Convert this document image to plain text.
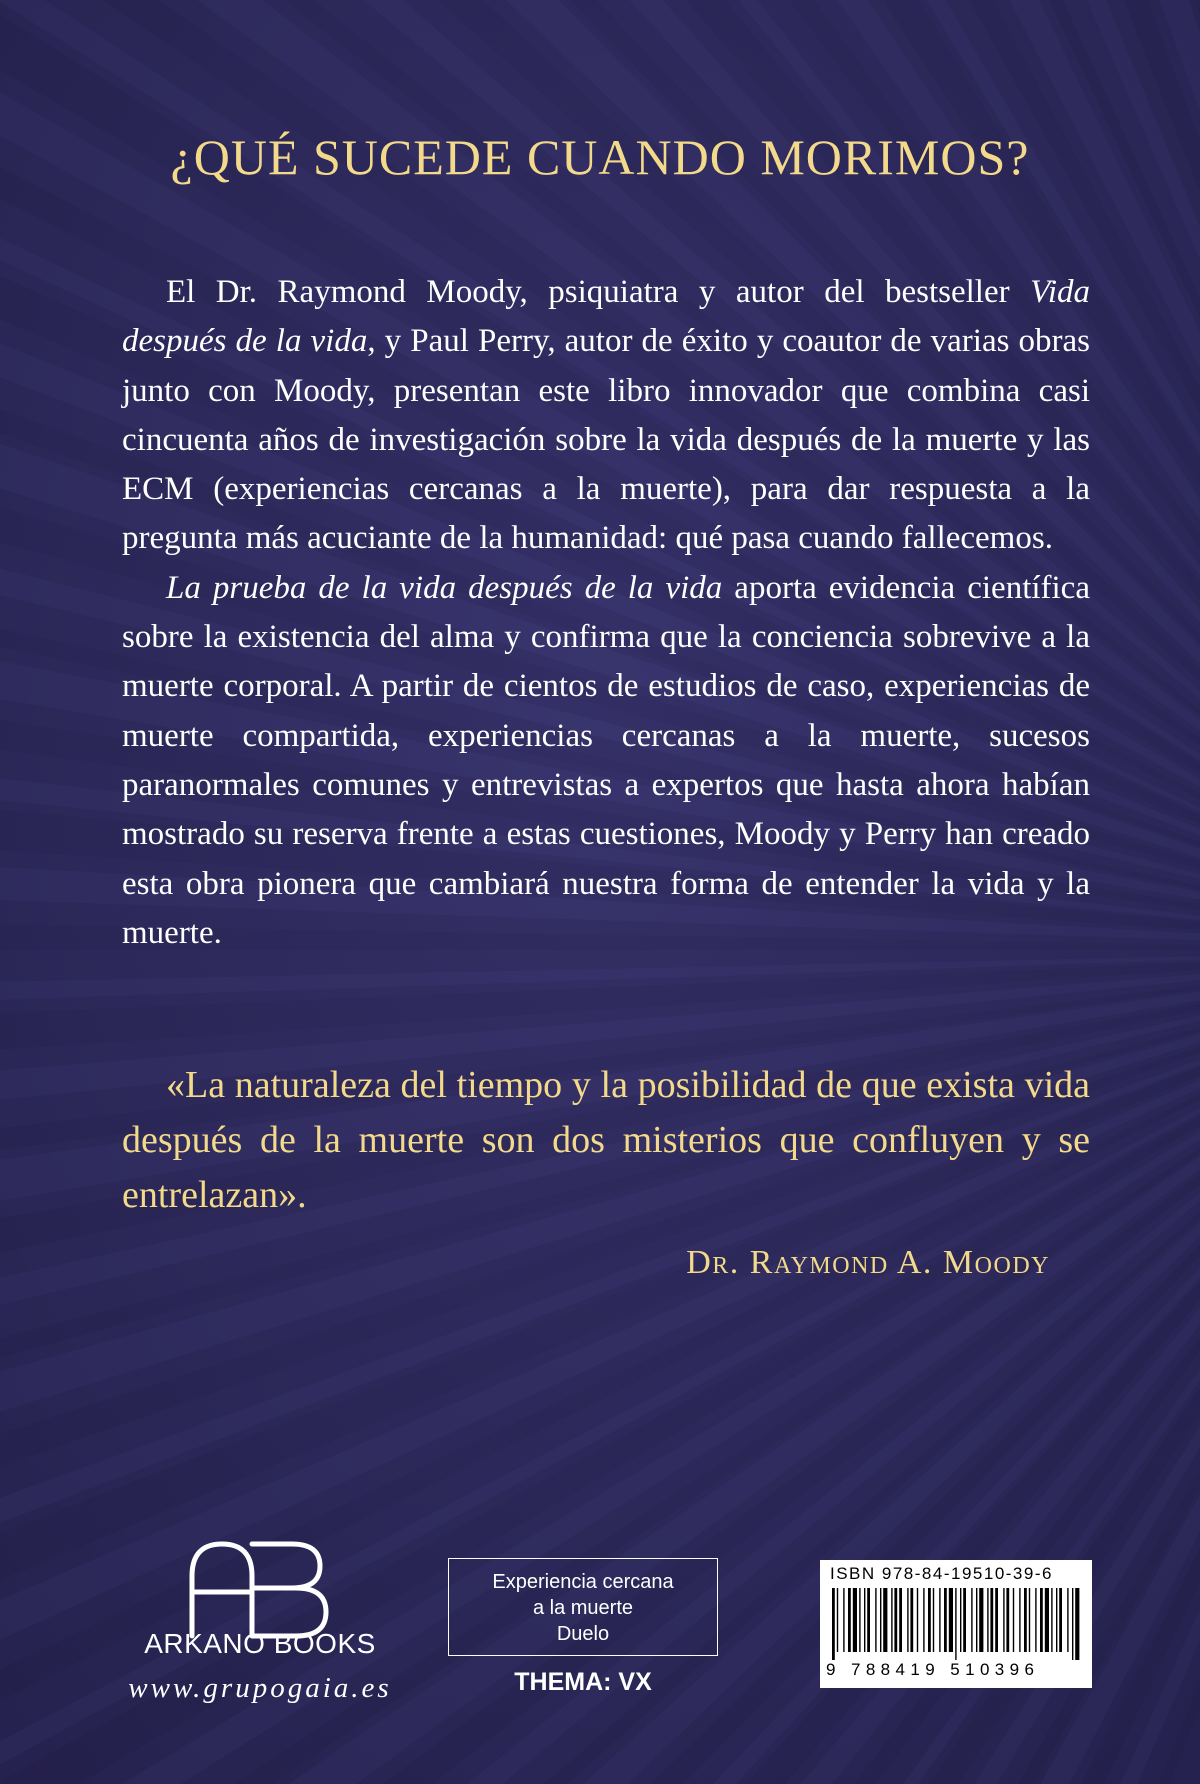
¿QUÉ SUCEDE CUANDO MORIMOS?

El Dr. Raymond Moody, psiquiatra y autor del bestseller Vida después de la vida, y Paul Perry, autor de éxito y coautor de varias obras junto con Moody, presentan este libro innovador que combina casi cincuenta años de investigación sobre la vida después de la muerte y las ECM (experiencias cercanas a la muerte), para dar respuesta a la pregunta más acuciante de la humanidad: qué pasa cuando fallecemos.

La prueba de la vida después de la vida aporta evidencia científica sobre la existencia del alma y confirma que la conciencia sobrevive a la muerte corporal. A partir de cientos de estudios de caso, experiencias de muerte compartida, experiencias cercanas a la muerte, sucesos paranormales comunes y entrevistas a expertos que hasta ahora habían mostrado su reserva frente a estas cuestiones, Moody y Perry han creado esta obra pionera que cambiará nuestra forma de entender la vida y la muerte.

«La naturaleza del tiempo y la posibilidad de que exista vida después de la muerte son dos misterios que confluyen y se entrelazan».
Dr. Raymond A. Moody
ARKANO BOOKS
www.grupogaia.es
Experiencia cercana
a la muerte
Duelo
THEMA: VX
ISBN 978-84-19510-39-6
9 788419 510396
